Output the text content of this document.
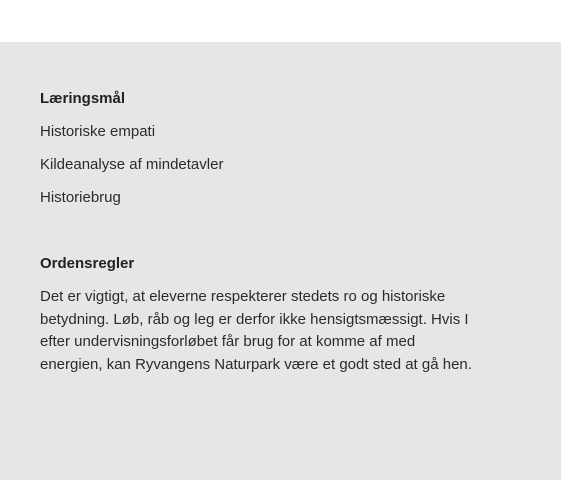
Læringsmål
Historiske empati
Kildeanalyse af mindetavler
Historiebrug
Ordensregler

Det er vigtigt, at eleverne respekterer stedets ro og historiske betydning. Løb, råb og leg er derfor ikke hensigtsmæssigt. Hvis I efter undervisningsforløbet får brug for at komme af med energien, kan Ryvangens Naturpark være et godt sted at gå hen.
